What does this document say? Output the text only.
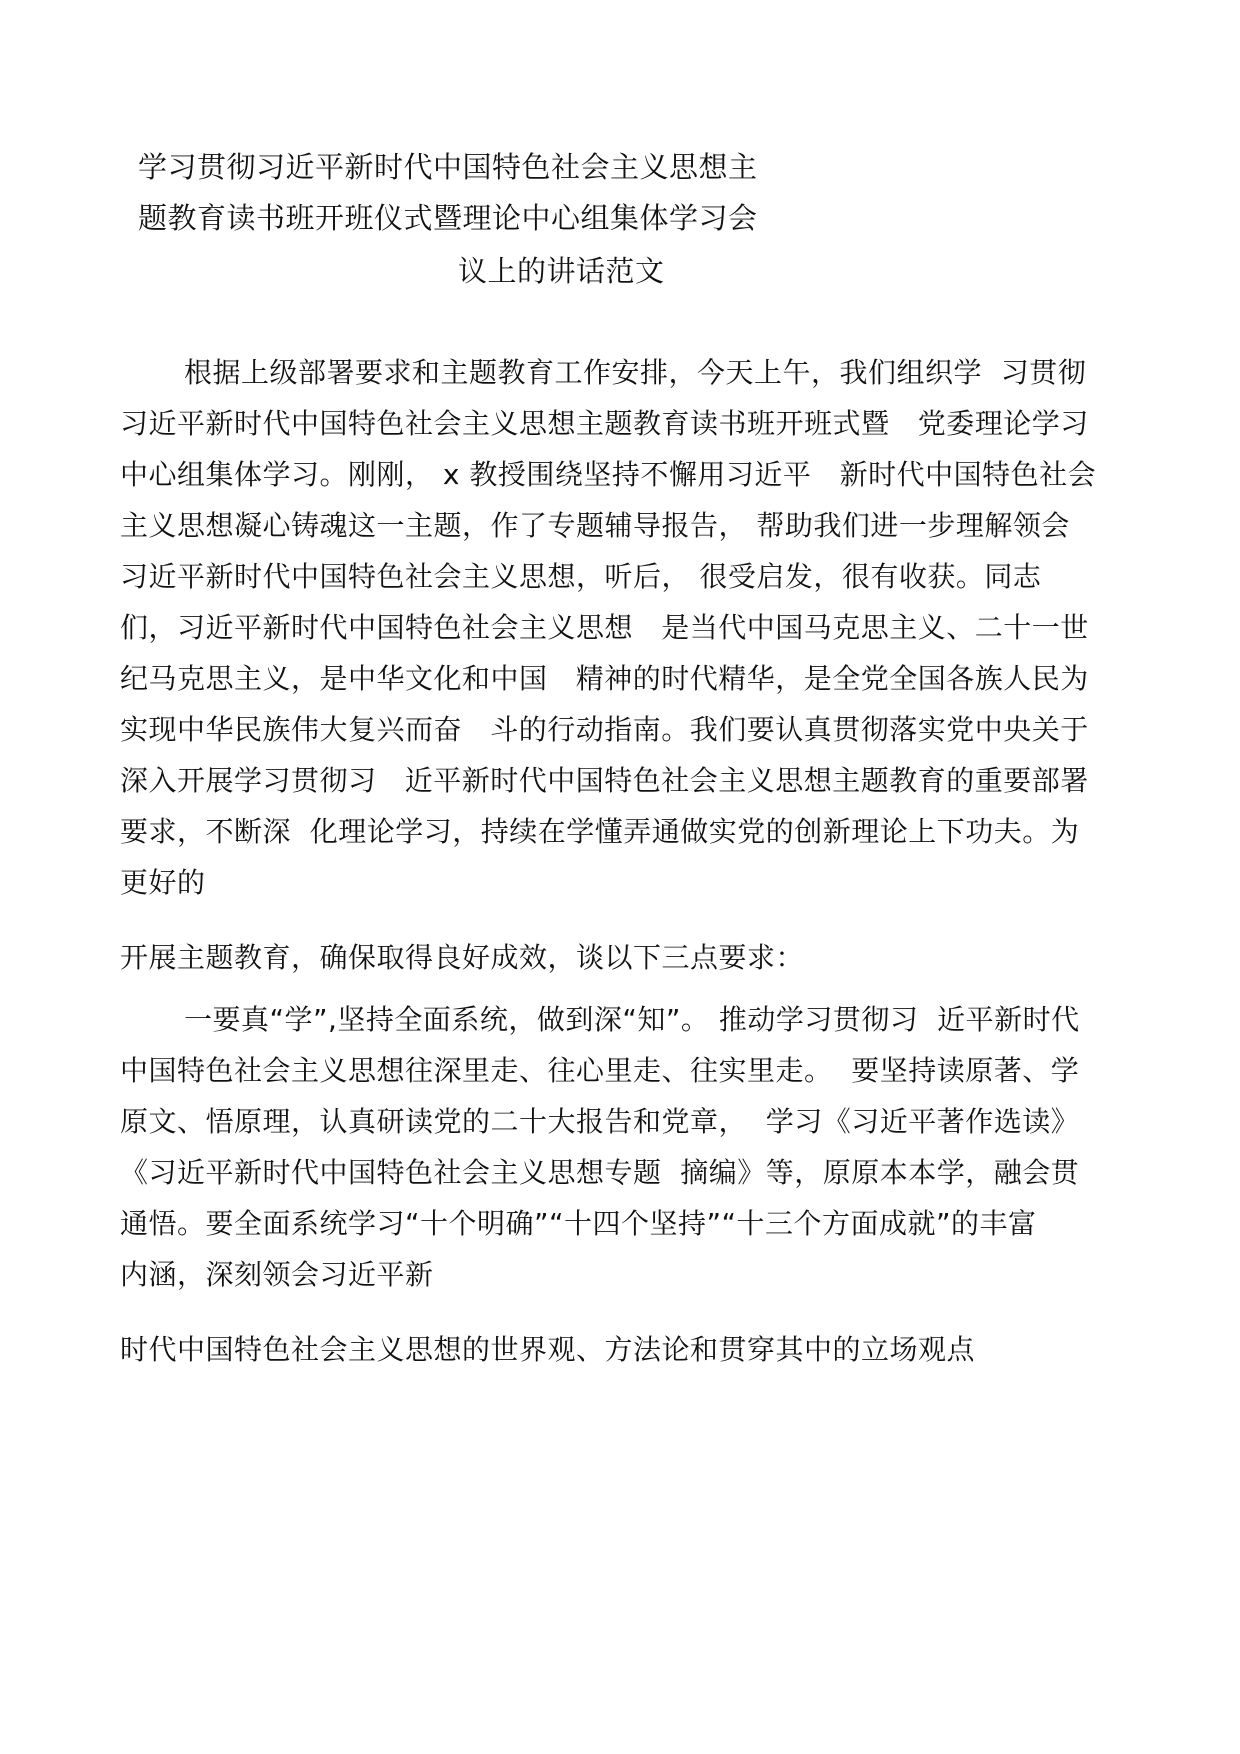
学习贯彻习近平新时代中国特色社会主义思想主
题教育读书班开班仪式暨理论中心组集体学习会
议上的讲话范文
根据上级部署要求和主题教育工作安排，今天上午，我们组织学  习贯彻
习近平新时代中国特色社会主义思想主题教育读书班开班式暨   党委理论学习
中心组集体学习。刚刚， x 教授围绕坚持不懈用习近平   新时代中国特色社会
主义思想凝心铸魂这一主题，作了专题辅导报告， 帮助我们进一步理解领会
习近平新时代中国特色社会主义思想，听后， 很受启发，很有收获。同志
们，习近平新时代中国特色社会主义思想   是当代中国马克思主义、二十一世
纪马克思主义，是中华文化和中国   精神的时代精华，是全党全国各族人民为
实现中华民族伟大复兴而奋   斗的行动指南。我们要认真贯彻落实党中央关于
深入开展学习贯彻习   近平新时代中国特色社会主义思想主题教育的重要部署
要求，不断深  化理论学习，持续在学懂弄通做实党的创新理论上下功夫。为
更好的
开展主题教育，确保取得良好成效，谈以下三点要求：
一要真“学”,坚持全面系统，做到深“知”。 推动学习贯彻习  近平新时代
中国特色社会主义思想往深里走、往心里走、往实里走。  要坚持读原著、学
原文、悟原理，认真研读党的二十大报告和党章，  学习《习近平著作选读》
《习近平新时代中国特色社会主义思想专题  摘编》等，原原本本学，融会贯
通悟。要全面系统学习“十个明确”“十四个坚持”“十三个方面成就”的丰富
内涵，深刻领会习近平新
时代中国特色社会主义思想的世界观、方法论和贯穿其中的立场观点
